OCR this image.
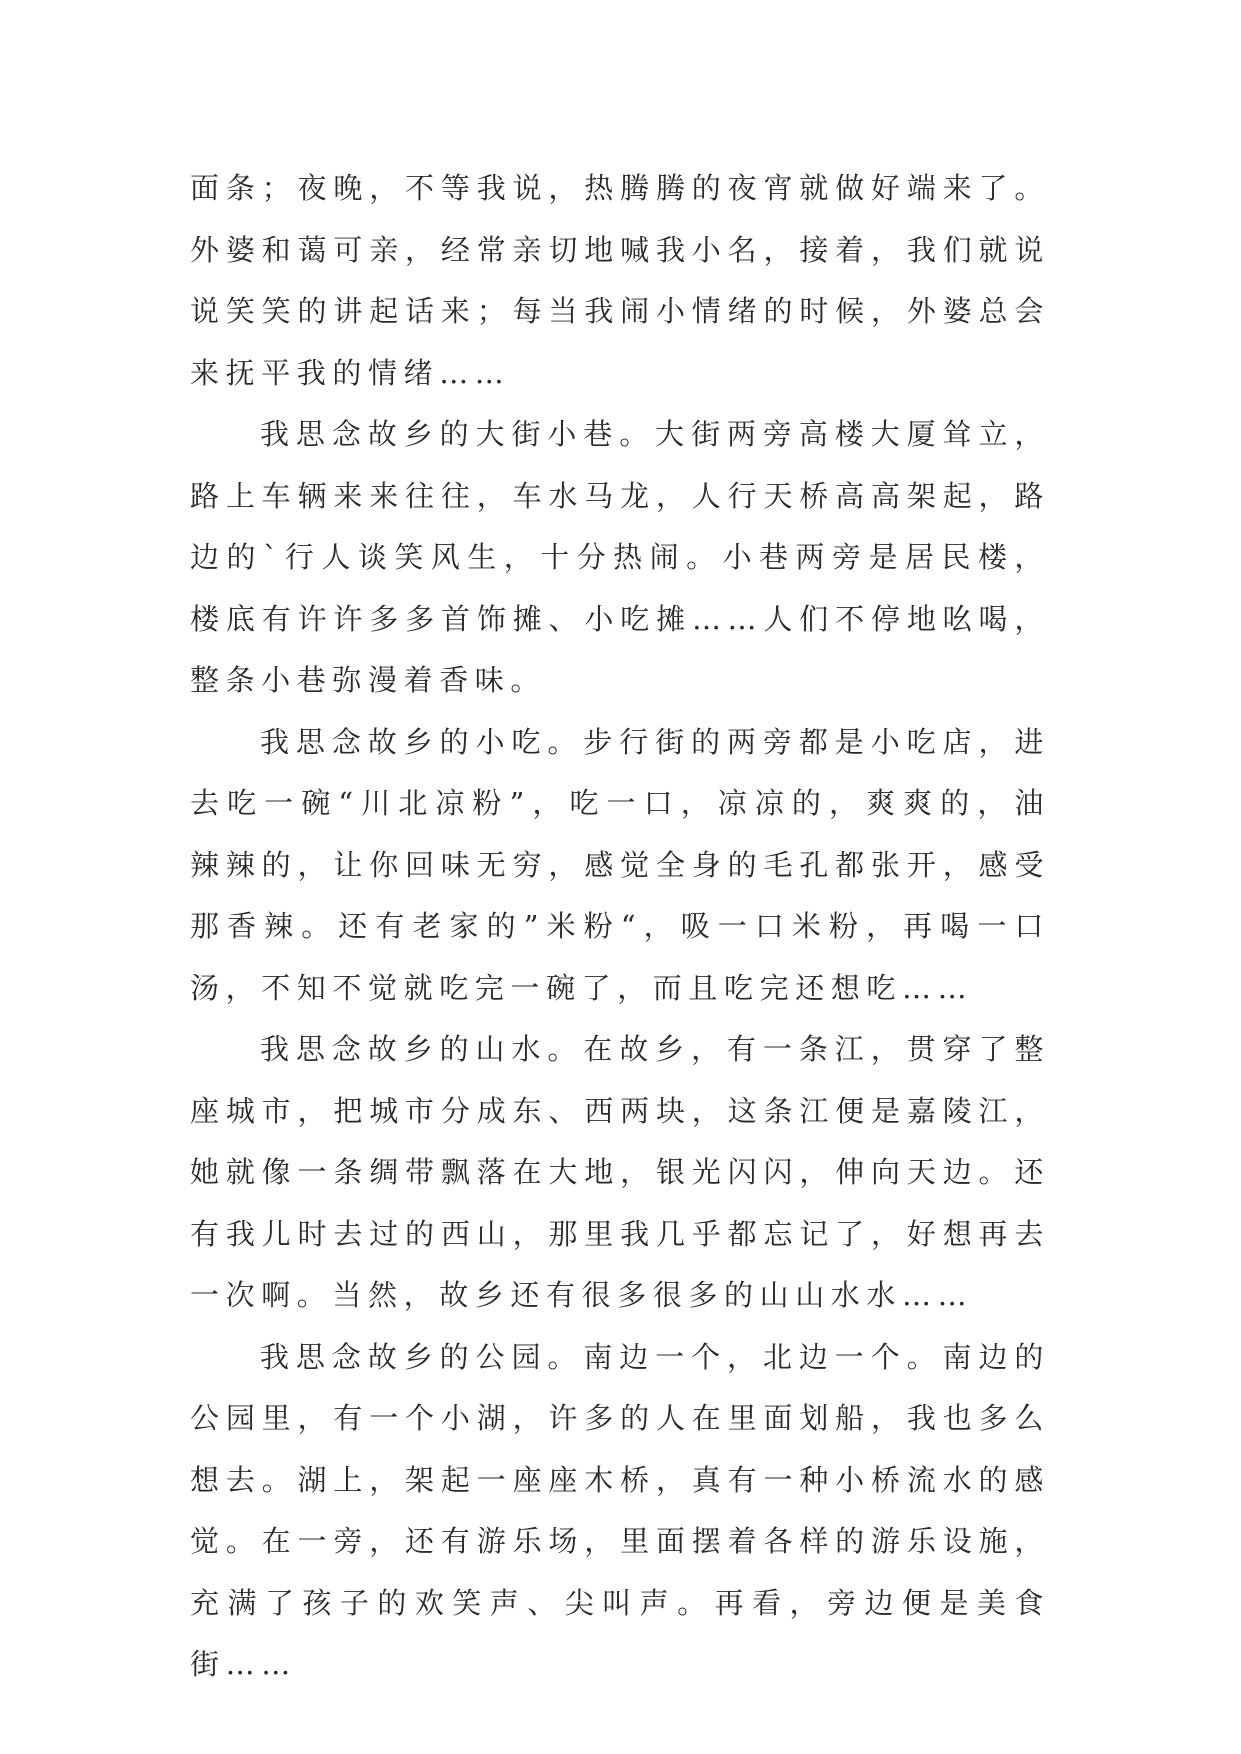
面条；夜晚，不等我说，热腾腾的夜宵就做好端来了。外婆和蔼可亲，经常亲切地喊我小名，接着，我们就说说笑笑的讲起话来；每当我闹小情绪的时候，外婆总会来抚平我的情绪……

我思念故乡的大街小巷。大街两旁高楼大厦耸立，路上车辆来来往往，车水马龙，人行天桥高高架起，路边的`行人谈笑风生，十分热闹。小巷两旁是居民楼，楼底有许许多多首饰摊、小吃摊……人们不停地吆喝，整条小巷弥漫着香味。

我思念故乡的小吃。步行街的两旁都是小吃店，进去吃一碗“川北凉粉”，吃一口，凉凉的，爽爽的，油辣辣的，让你回味无穷，感觉全身的毛孔都张开，感受那香辣。还有老家的”米粉“，吸一口米粉，再喝一口汤，不知不觉就吃完一碗了，而且吃完还想吃……

我思念故乡的山水。在故乡，有一条江，贯穿了整座城市，把城市分成东、西两块，这条江便是嘉陵江，她就像一条绸带飘落在大地，银光闪闪，伸向天边。还有我儿时去过的西山，那里我几乎都忘记了，好想再去一次啊。当然，故乡还有很多很多的山山水水……

我思念故乡的公园。南边一个，北边一个。南边的公园里，有一个小湖，许多的人在里面划船，我也多么想去。湖上，架起一座座木桥，真有一种小桥流水的感觉。在一旁，还有游乐场，里面摆着各样的游乐设施，充满了孩子的欢笑声、尖叫声。再看，旁边便是美食街……
